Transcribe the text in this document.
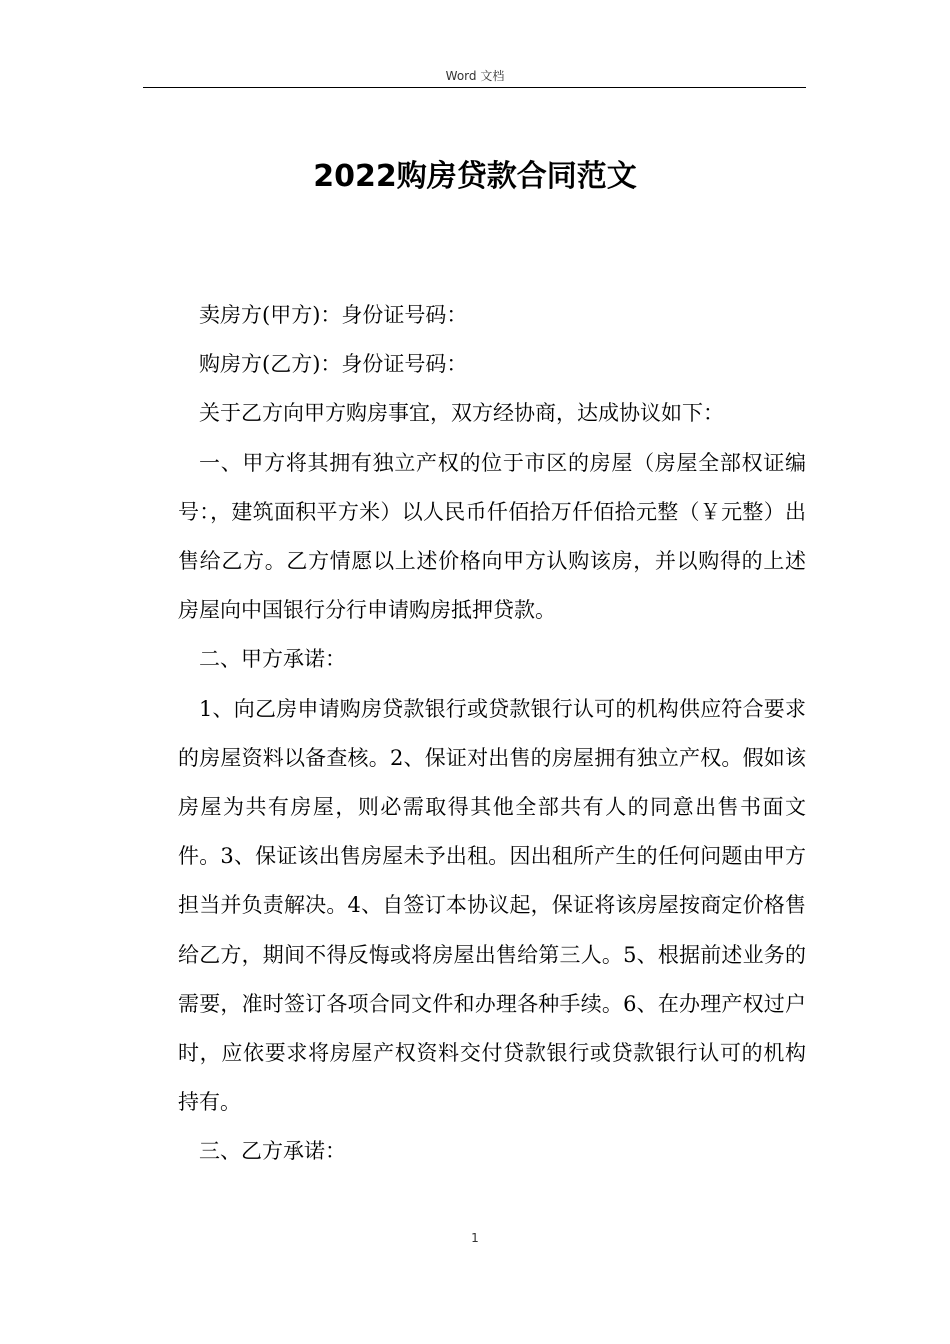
Word 文档
2022购房贷款合同范文

卖房方(甲方)：身份证号码：

购房方(乙方)：身份证号码：

关于乙方向甲方购房事宜，双方经协商，达成协议如下：

一、甲方将其拥有独立产权的位于市区的房屋（房屋全部权证编号：，建筑面积平方米）以人民币仟佰拾万仟佰拾元整（￥元整）出售给乙方。乙方情愿以上述价格向甲方认购该房，并以购得的上述房屋向中国银行分行申请购房抵押贷款。

二、甲方承诺：

1、向乙房申请购房贷款银行或贷款银行认可的机构供应符合要求的房屋资料以备查核。2、保证对出售的房屋拥有独立产权。假如该房屋为共有房屋，则必需取得其他全部共有人的同意出售书面文件。3、保证该出售房屋未予出租。因出租所产生的任何问题由甲方担当并负责解决。4、自签订本协议起，保证将该房屋按商定价格售给乙方，期间不得反悔或将房屋出售给第三人。5、根据前述业务的需要，准时签订各项合同文件和办理各种手续。6、在办理产权过户时，应依要求将房屋产权资料交付贷款银行或贷款银行认可的机构持有。

三、乙方承诺：

1
